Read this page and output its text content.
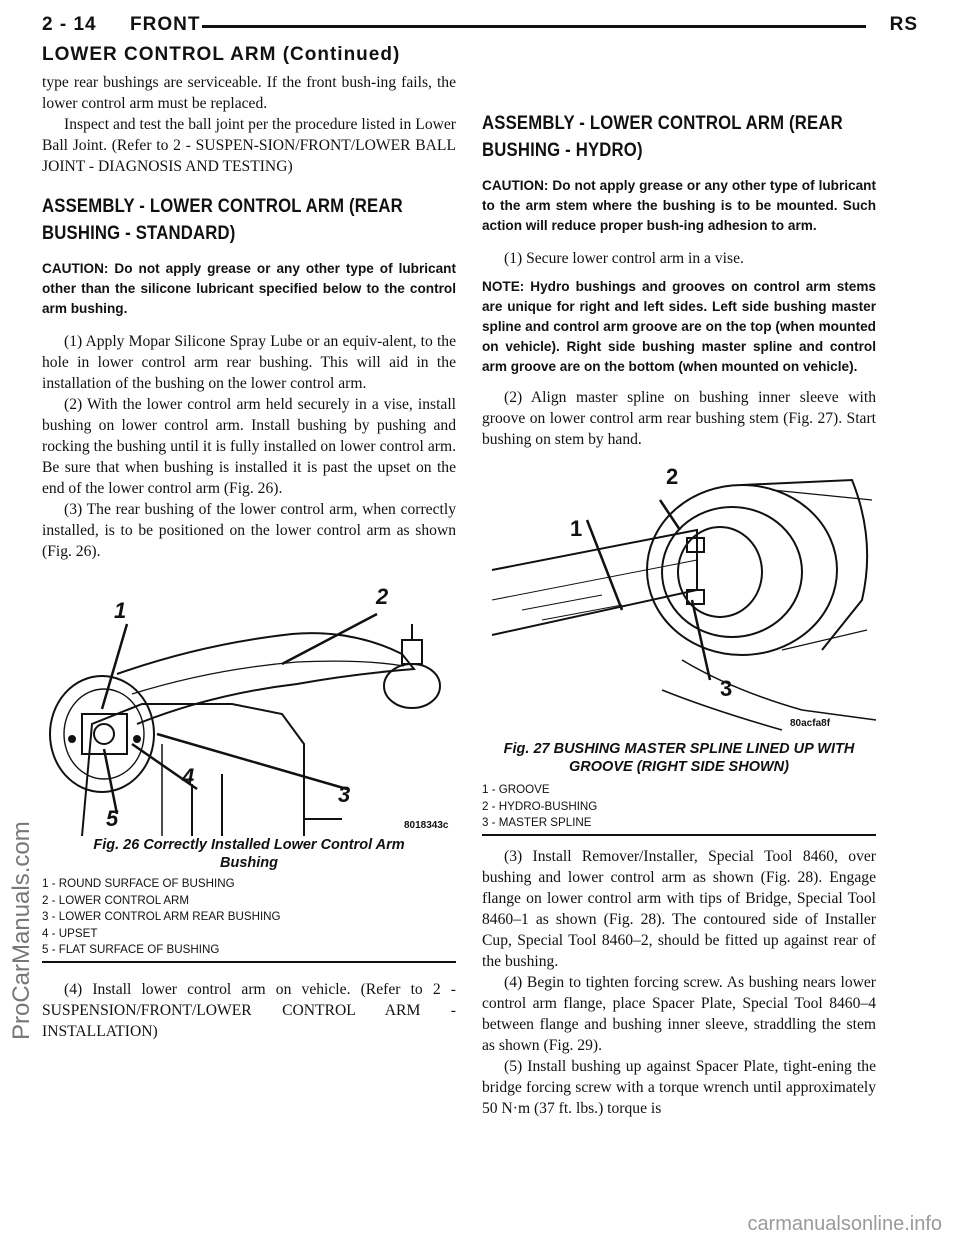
2 - 14 FRONT	RS
LOWER CONTROL ARM (Continued)

type rear bushings are serviceable. If the front bush-ing fails, the lower control arm must be replaced.

Inspect and test the ball joint per the procedure listed in Lower Ball Joint. (Refer to 2 - SUSPEN-SION/FRONT/LOWER BALL JOINT - DIAGNOSIS AND TESTING)

ASSEMBLY - LOWER CONTROL ARM (REAR
BUSHING - STANDARD)

CAUTION: Do not apply grease or any other type of lubricant other than the silicone lubricant specified below to the control arm bushing.

(1) Apply Mopar Silicone Spray Lube or an equiv-alent, to the hole in lower control arm rear bushing. This will aid in the installation of the bushing on the lower control arm.

(2) With the lower control arm held securely in a vise, install bushing on lower control arm. Install bushing by pushing and rocking the bushing until it is fully installed on lower control arm. Be sure that when bushing is installed it is past the upset on the end of the lower control arm (Fig. 26).

(3) The rear bushing of the lower control arm, when correctly installed, is to be positioned on the lower control arm as shown (Fig. 26).

1
2
3
4
5	8018343c

Fig. 26 Correctly Installed Lower Control Arm
Bushing

1 - ROUND SURFACE OF BUSHING
2 - LOWER CONTROL ARM
3 - LOWER CONTROL ARM REAR BUSHING
4 - UPSET
5 - FLAT SURFACE OF BUSHING

(4) Install lower control arm on vehicle. (Refer to 2 - SUSPENSION/FRONT/LOWER CONTROL ARM - INSTALLATION)

ASSEMBLY - LOWER CONTROL ARM (REAR
BUSHING - HYDRO)

CAUTION: Do not apply grease or any other type of lubricant to the arm stem where the bushing is to be mounted. Such action will reduce proper bush-ing adhesion to arm.

(1) Secure lower control arm in a vise.

NOTE: Hydro bushings and grooves on control arm stems are unique for right and left sides. Left side bushing master spline and control arm groove are on the top (when mounted on vehicle). Right side bushing master spline and control arm groove are on the bottom (when mounted on vehicle).

(2) Align master spline on bushing inner sleeve with groove on lower control arm rear bushing stem (Fig. 27). Start bushing on stem by hand.

1
2
3
80acfa8f

Fig. 27 BUSHING MASTER SPLINE LINED UP WITH
GROOVE (RIGHT SIDE SHOWN)

1 - GROOVE
2 - HYDRO-BUSHING
3 - MASTER SPLINE

(3) Install Remover/Installer, Special Tool 8460, over bushing and lower control arm as shown (Fig. 28). Engage flange on lower control arm with tips of Bridge, Special Tool 8460–1 as shown (Fig. 28). The contoured side of Installer Cup, Special Tool 8460–2, should be fitted up against rear of the bushing.

(4) Begin to tighten forcing screw. As bushing nears lower control arm flange, place Spacer Plate, Special Tool 8460–4 between flange and bushing inner sleeve, straddling the stem as shown (Fig. 29).

(5) Install bushing up against Spacer Plate, tight-ening the bridge forcing screw with a torque wrench until approximately 50 N·m (37 ft. lbs.) torque is

ProCarManuals.com
carmanualsonline.info
